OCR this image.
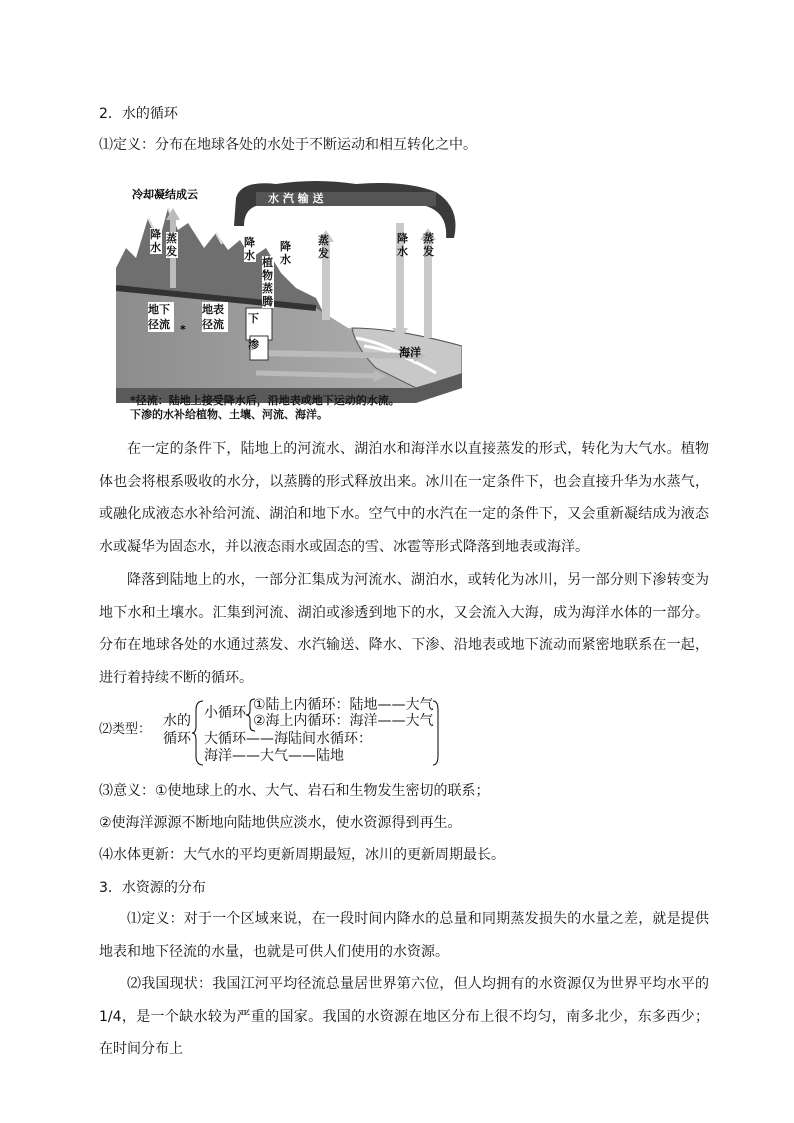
2．水的循环
⑴定义：分布在地球各处的水处于不断运动和相互转化之中。
冷却凝结成云	水 汽 输 送
海洋
*
降水
蒸发
降水
植物蒸腾
降水
蒸发
降水
蒸发
地下径流
地表径流	下
渗
*径流：陆地上接受降水后，沿地表或地下运动的水流。
下渗的水补给植物、土壤、河流、海洋。
在一定的条件下，陆地上的河流水、湖泊水和海洋水以直接蒸发的形式，转化为大气水。植物体也会将根系吸收的水分，以蒸腾的形式释放出来。冰川在一定条件下，也会直接升华为水蒸气，或融化成液态水补给河流、湖泊和地下水。空气中的水汽在一定的条件下，又会重新凝结成为液态水或凝华为固态水，并以液态雨水或固态的雪、冰雹等形式降落到地表或海洋。
降落到陆地上的水，一部分汇集成为河流水、湖泊水，或转化为冰川，另一部分则下渗转变为地下水和土壤水。汇集到河流、湖泊或渗透到地下的水，又会流入大海，成为海洋水体的一部分。分布在地球各处的水通过蒸发、水汽输送、降水、下渗、沿地表或地下流动而紧密地联系在一起，进行着持续不断的循环。
⑵类型：
水的
循环
小循环 ①陆上内循环：陆地——大气
②海上内循环：海洋——大气
大循环——海陆间水循环：
海洋——大气——陆地
⑶意义：①使地球上的水、大气、岩石和生物发生密切的联系；
②使海洋源源不断地向陆地供应淡水，使水资源得到再生。
⑷水体更新：大气水的平均更新周期最短，冰川的更新周期最长。
3．水资源的分布
⑴定义：对于一个区域来说，在一段时间内降水的总量和同期蒸发损失的水量之差，就是提供地表和地下径流的水量，也就是可供人们使用的水资源。
⑵我国现状：我国江河平均径流总量居世界第六位，但人均拥有的水资源仅为世界平均水平的 1/4，是一个缺水较为严重的国家。我国的水资源在地区分布上很不均匀，南多北少，东多西少；在时间分布上
